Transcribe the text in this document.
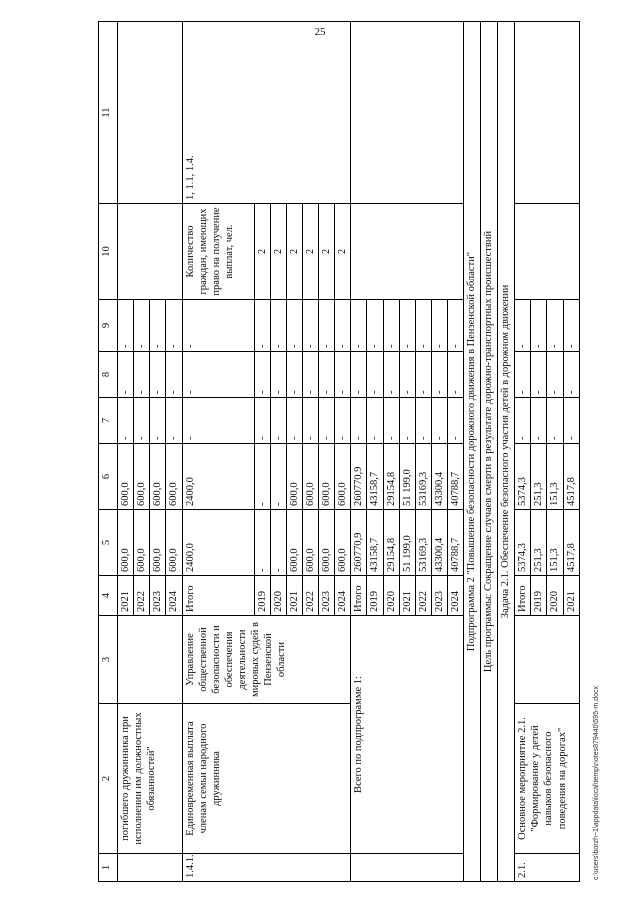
25
1	2	3	4	5	6	7	8	9	10	11
	погибшего дружинника при исполнении им должностных обязанностей"		2021	600,0	600,0	-	-	-		
			2022	600,0	600,0	-	-	-		
			2023	600,0	600,0	-	-	-		
			2024	600,0	600,0	-	-	-		
1.4.1.	Единовременная выплата членам семьи народного дружинника	Управление общественной безопасности и обеспечения деятельности мировых судей в Пензенской области	Итого	2400,0	2400,0	-	-	-	Количество граждан, имеющих право на получение выплат, чел.	1, 1.1, 1.4.
			2019	-	-	-	-	-	2	
			2020	-	-	-	-	-	2	
			2021	600,0	600,0	-	-	-	2	
			2022	600,0	600,0	-	-	-	2	
			2023	600,0	600,0	-	-	-	2	
			2024	600,0	600,0	-	-	-	2	
	Всего по подпрограмме 1:		Итого	260770,9	260770,9	-	-	-		
			2019	43158,7	43158,7	-	-	-		
			2020	29154,8	29154,8	-	-	-		
			2021	51 199,0	51 199,0	-	-	-		
			2022	53169,3	53169,3	-	-	-		
			2023	43300,4	43300,4	-	-	-		
			2024	40788,7	40788,7	-	-	-		
Подпрограмма 2 "Повышение безопасности дорожного движения в Пензенской области"										
Цель программы: Сокращение случаев смерти в результате дорожно-транспортных происшествий										
Задача 2.1. Обеспечение безопасного участия детей в дорожном движении										
2.1.	Основное мероприятие 2.1. "Формирование у детей навыков безопасного поведения на дорогах"		Итого	5374,3	5374,3	-	-	-		
			2019	251,3	251,3	-	-	-		
			2020	151,3	151,3	-	-	-		
			2021	4517,8	4517,8	-	-	-		
c:\users\borzh~1\appdata\local\temp\notes879440\595-m.docx
